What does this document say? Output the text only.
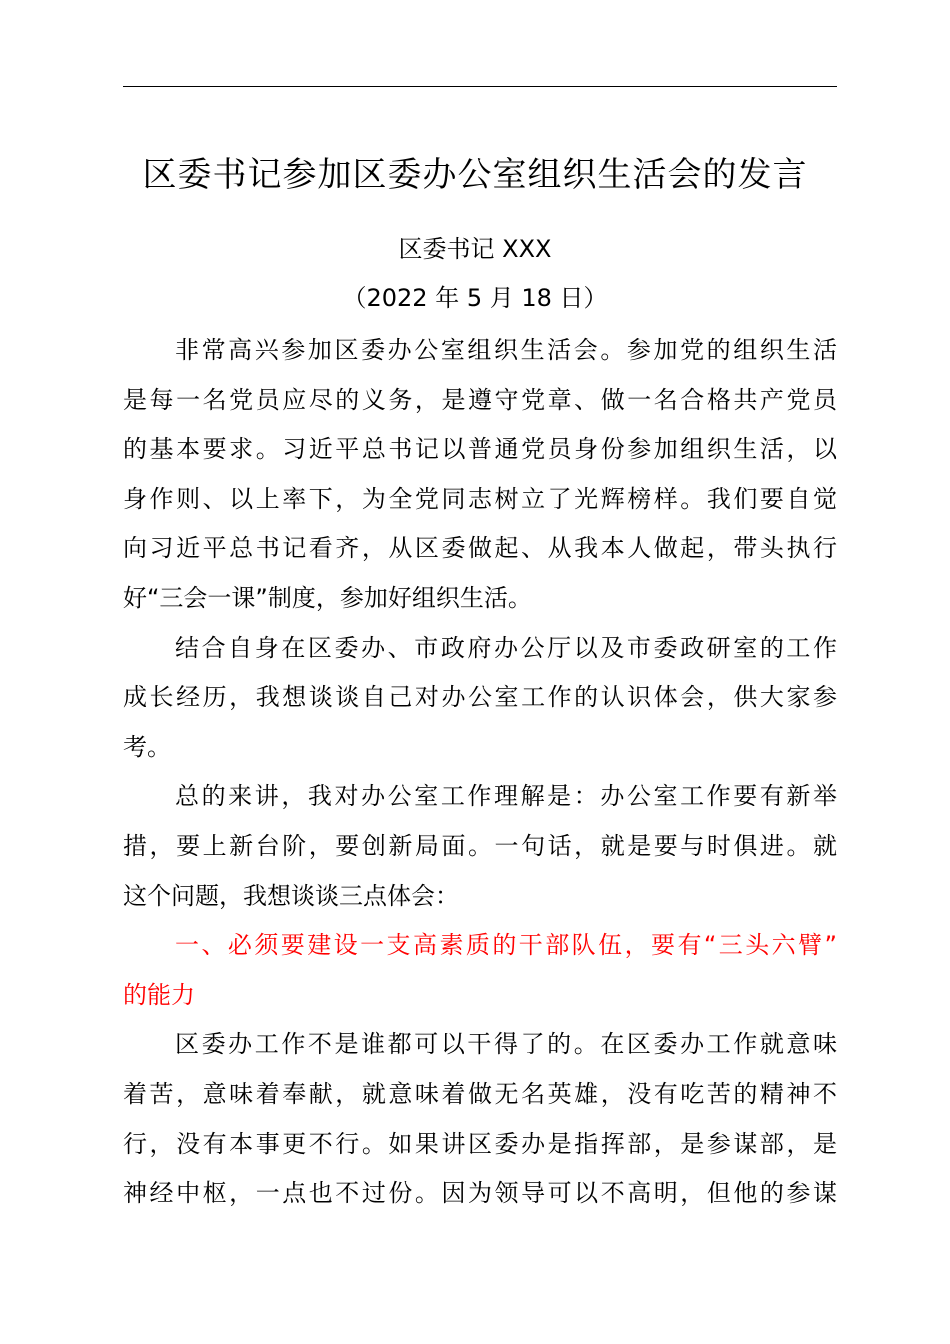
区委书记参加区委办公室组织生活会的发言
区委书记 XXX
（2022 年 5 月 18 日）
非常高兴参加区委办公室组织生活会。参加党的组织生活
是每一名党员应尽的义务，是遵守党章、做一名合格共产党员
的基本要求。习近平总书记以普通党员身份参加组织生活，以
身作则、以上率下，为全党同志树立了光辉榜样。我们要自觉
向习近平总书记看齐，从区委做起、从我本人做起，带头执行
好“三会一课”制度，参加好组织生活。
结合自身在区委办、市政府办公厅以及市委政研室的工作
成长经历，我想谈谈自己对办公室工作的认识体会，供大家参
考。
总的来讲，我对办公室工作理解是：办公室工作要有新举
措，要上新台阶，要创新局面。一句话，就是要与时俱进。就
这个问题，我想谈谈三点体会：
一、必须要建设一支高素质的干部队伍，要有“三头六臂”
的能力
区委办工作不是谁都可以干得了的。在区委办工作就意味
着苦，意味着奉献，就意味着做无名英雄，没有吃苦的精神不
行，没有本事更不行。如果讲区委办是指挥部，是参谋部，是
神经中枢，一点也不过份。因为领导可以不高明，但他的参谋
